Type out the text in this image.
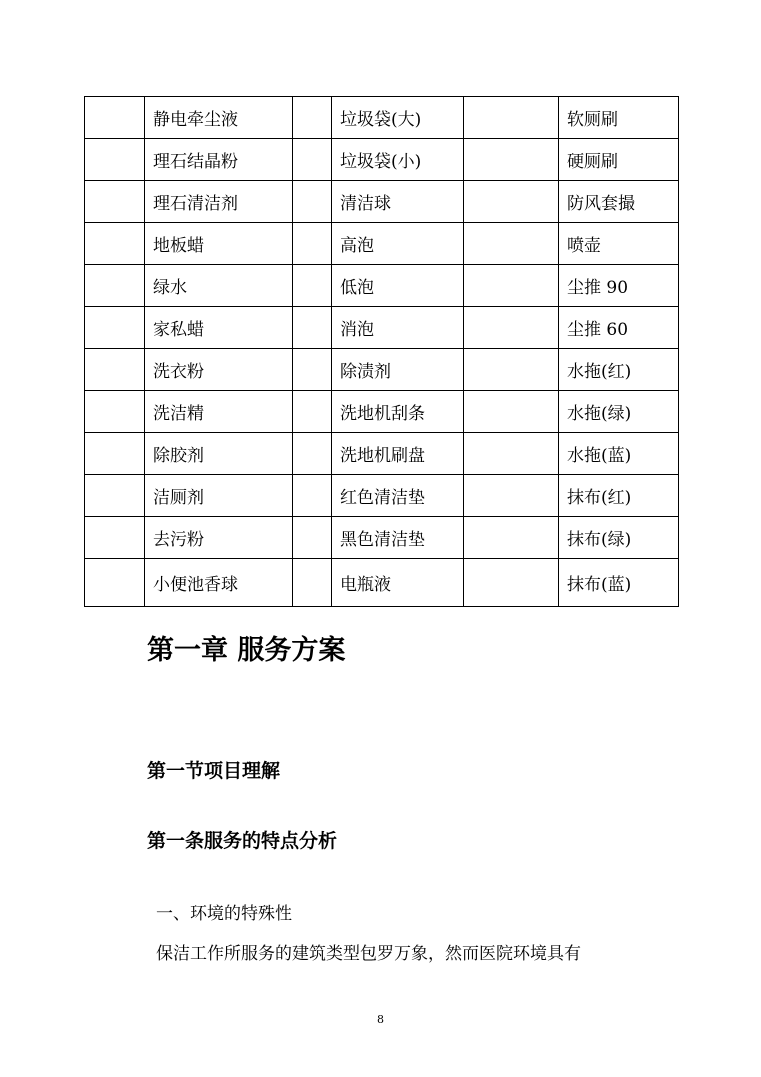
	静电牵尘液		垃圾袋(大)		软厕刷
	理石结晶粉		垃圾袋(小)		硬厕刷
	理石清洁剂		清洁球		防风套撮
	地板蜡		高泡		喷壶
	绿水		低泡		尘推 90
	家私蜡		消泡		尘推 60
	洗衣粉		除渍剂		水拖(红)
	洗洁精		洗地机刮条		水拖(绿)
	除胶剂		洗地机刷盘		水拖(蓝)
	洁厕剂		红色清洁垫		抹布(红)
	去污粉		黑色清洁垫		抹布(绿)
	小便池香球		电瓶液		抹布(蓝)
第一章 服务方案
第一节项目理解
第一条服务的特点分析

一、环境的特殊性

保洁工作所服务的建筑类型包罗万象，然而医院环境具有

8
